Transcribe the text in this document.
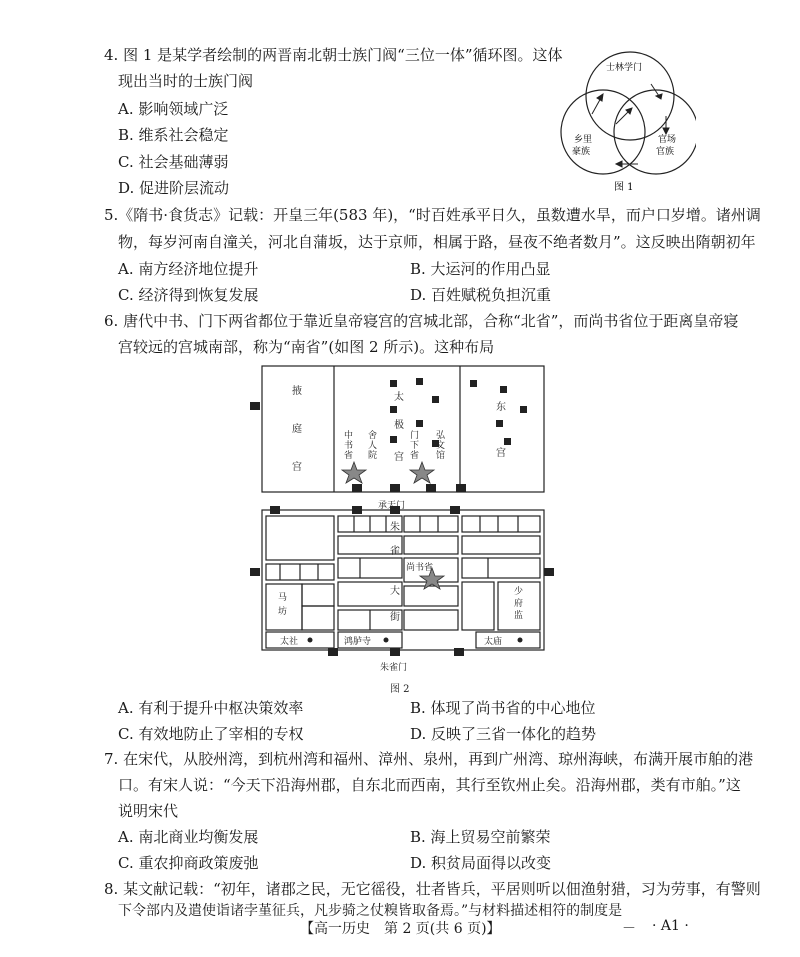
4. 图 1 是某学者绘制的两晋南北朝士族门阀“三位一体”循环图。这体
现出当时的士族门阀
A. 影响领域广泛
B. 维系社会稳定
C. 社会基础薄弱
D. 促进阶层流动
士林学门
乡里
豪族
官场
官族
图 1
5.《隋书·食货志》记载：开皇三年(583 年)，“时百姓承平日久，虽数遭水旱，而户口岁增。诸州调
物，每岁河南自潼关，河北自蒲坂，达于京师，相属于路，昼夜不绝者数月”。这反映出隋朝初年
A. 南方经济地位提升	B. 大运河的作用凸显
C. 经济得到恢复发展	D. 百姓赋税负担沉重
6. 唐代中书、门下两省都位于靠近皇帝寝宫的宫城北部，合称“北省”，而尚书省位于距离皇帝寝
宫较远的宫城南部，称为“南省”(如图 2 所示)。这种布局
掖
庭
宫
太
极
宫
东
宫
中
书
省
舍
人
院
门
下
省
弘
文
馆
承天门
朱
雀
大
街
尚书省
马
坊
少
府
监
太社	鸿胪寺	太庙
朱雀门
图 2
A. 有利于提升中枢决策效率	B. 体现了尚书省的中心地位
C. 有效地防止了宰相的专权	D. 反映了三省一体化的趋势
7. 在宋代，从胶州湾，到杭州湾和福州、漳州、泉州，再到广州湾、琼州海峡，布满开展市舶的港
口。有宋人说：“今天下沿海州郡，自东北而西南，其行至钦州止矣。沿海州郡，类有市舶。”这
说明宋代
A. 南北商业均衡发展	B. 海上贸易空前繁荣
C. 重农抑商政策废弛	D. 积贫局面得以改变
8. 某文献记载：“初年，诸郡之民，无它徭役，壮者皆兵，平居则听以佃渔射猎，习为劳事，有警则
下令部内及遣使诣诸孛堇征兵，凡步骑之仗糗皆取备焉。”与材料描述相符的制度是
【高一历史　第 2 页(共 6 页)】	－ · A1 ·
